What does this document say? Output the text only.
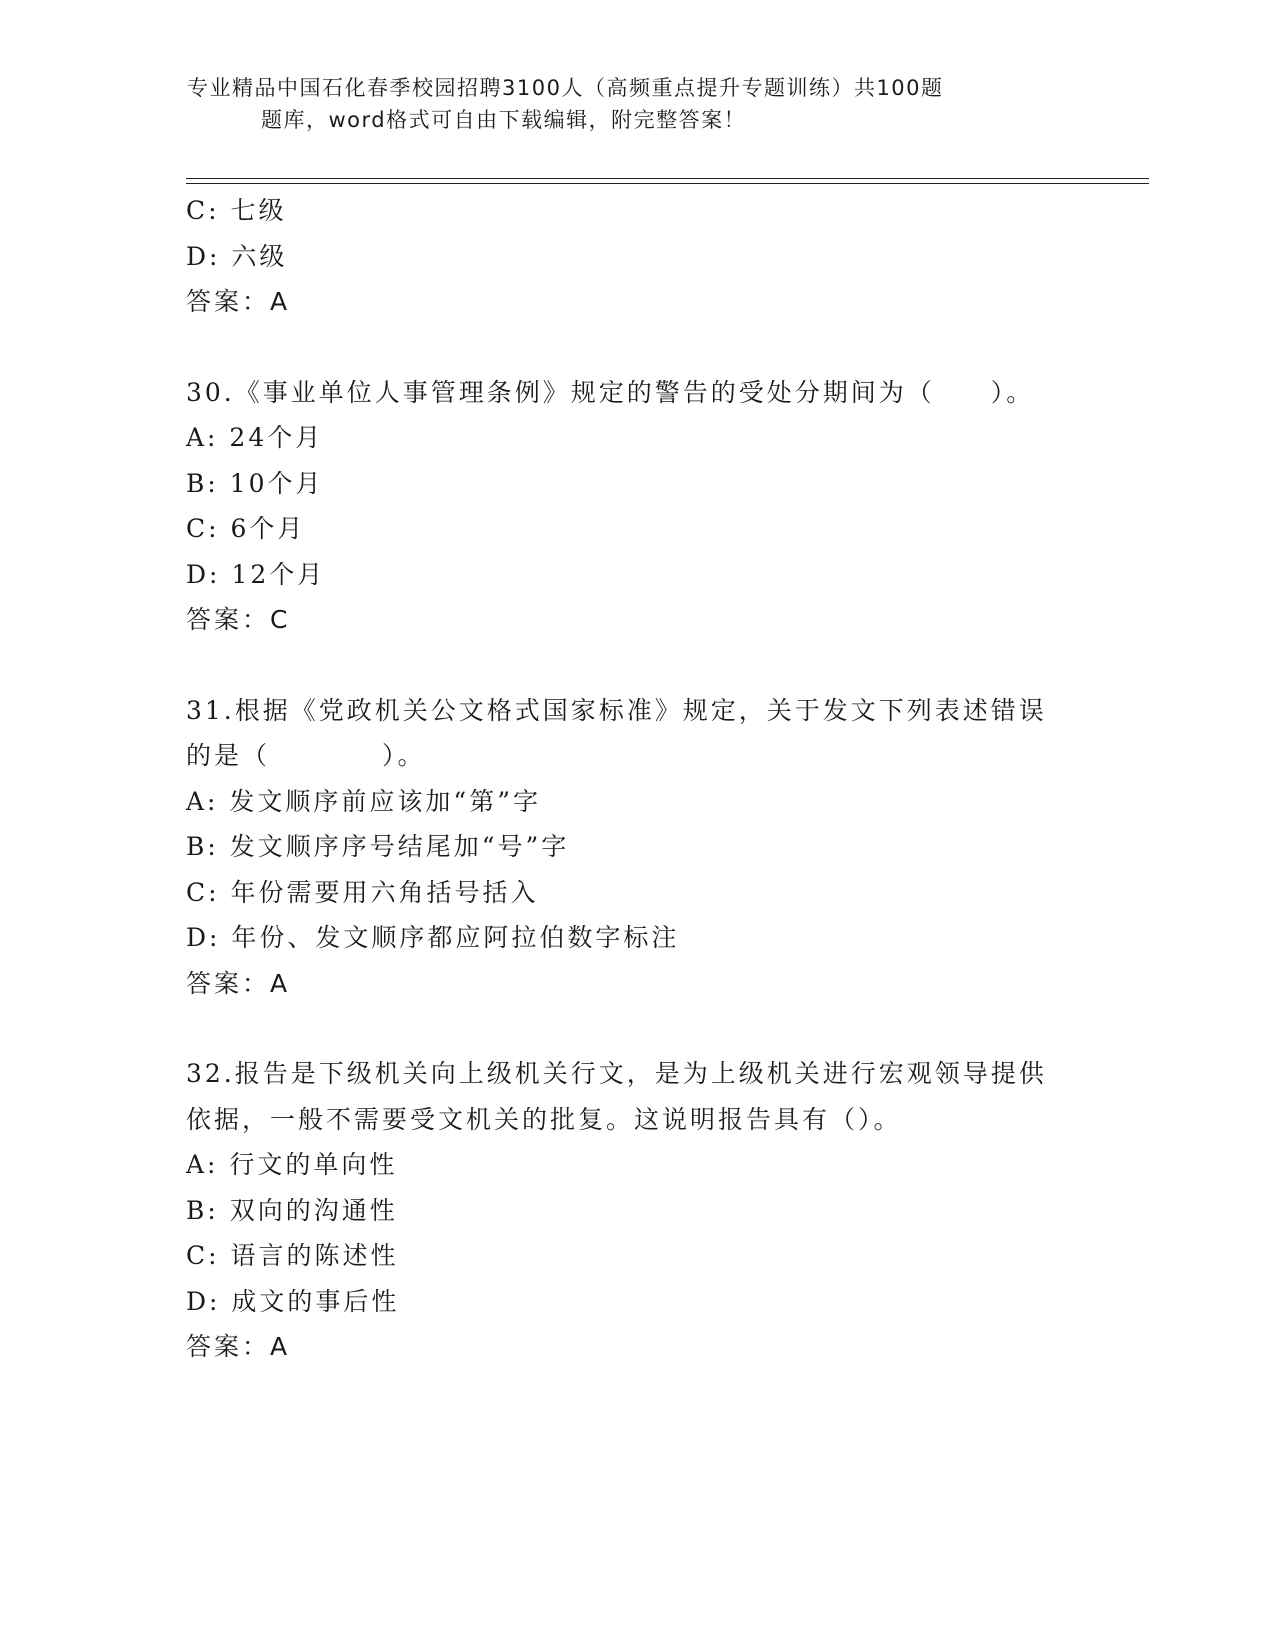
专业精品中国石化春季校园招聘3100人（高频重点提升专题训练）共100题
题库，word格式可自由下载编辑，附完整答案！
C: 七级
D: 六级
答案：A
30.《事业单位人事管理条例》规定的警告的受处分期间为（　　）。
A: 24个月
B: 10个月
C: 6个月
D: 12个月
答案：C
31.根据《党政机关公文格式国家标准》规定，关于发文下列表述错误
的是（　　　　）。
A: 发文顺序前应该加“第”字
B: 发文顺序序号结尾加“号”字
C: 年份需要用六角括号括入
D: 年份、发文顺序都应阿拉伯数字标注
答案：A
32.报告是下级机关向上级机关行文，是为上级机关进行宏观领导提供
依据，一般不需要受文机关的批复。这说明报告具有（）。
A: 行文的单向性
B: 双向的沟通性
C: 语言的陈述性
D: 成文的事后性
答案：A
